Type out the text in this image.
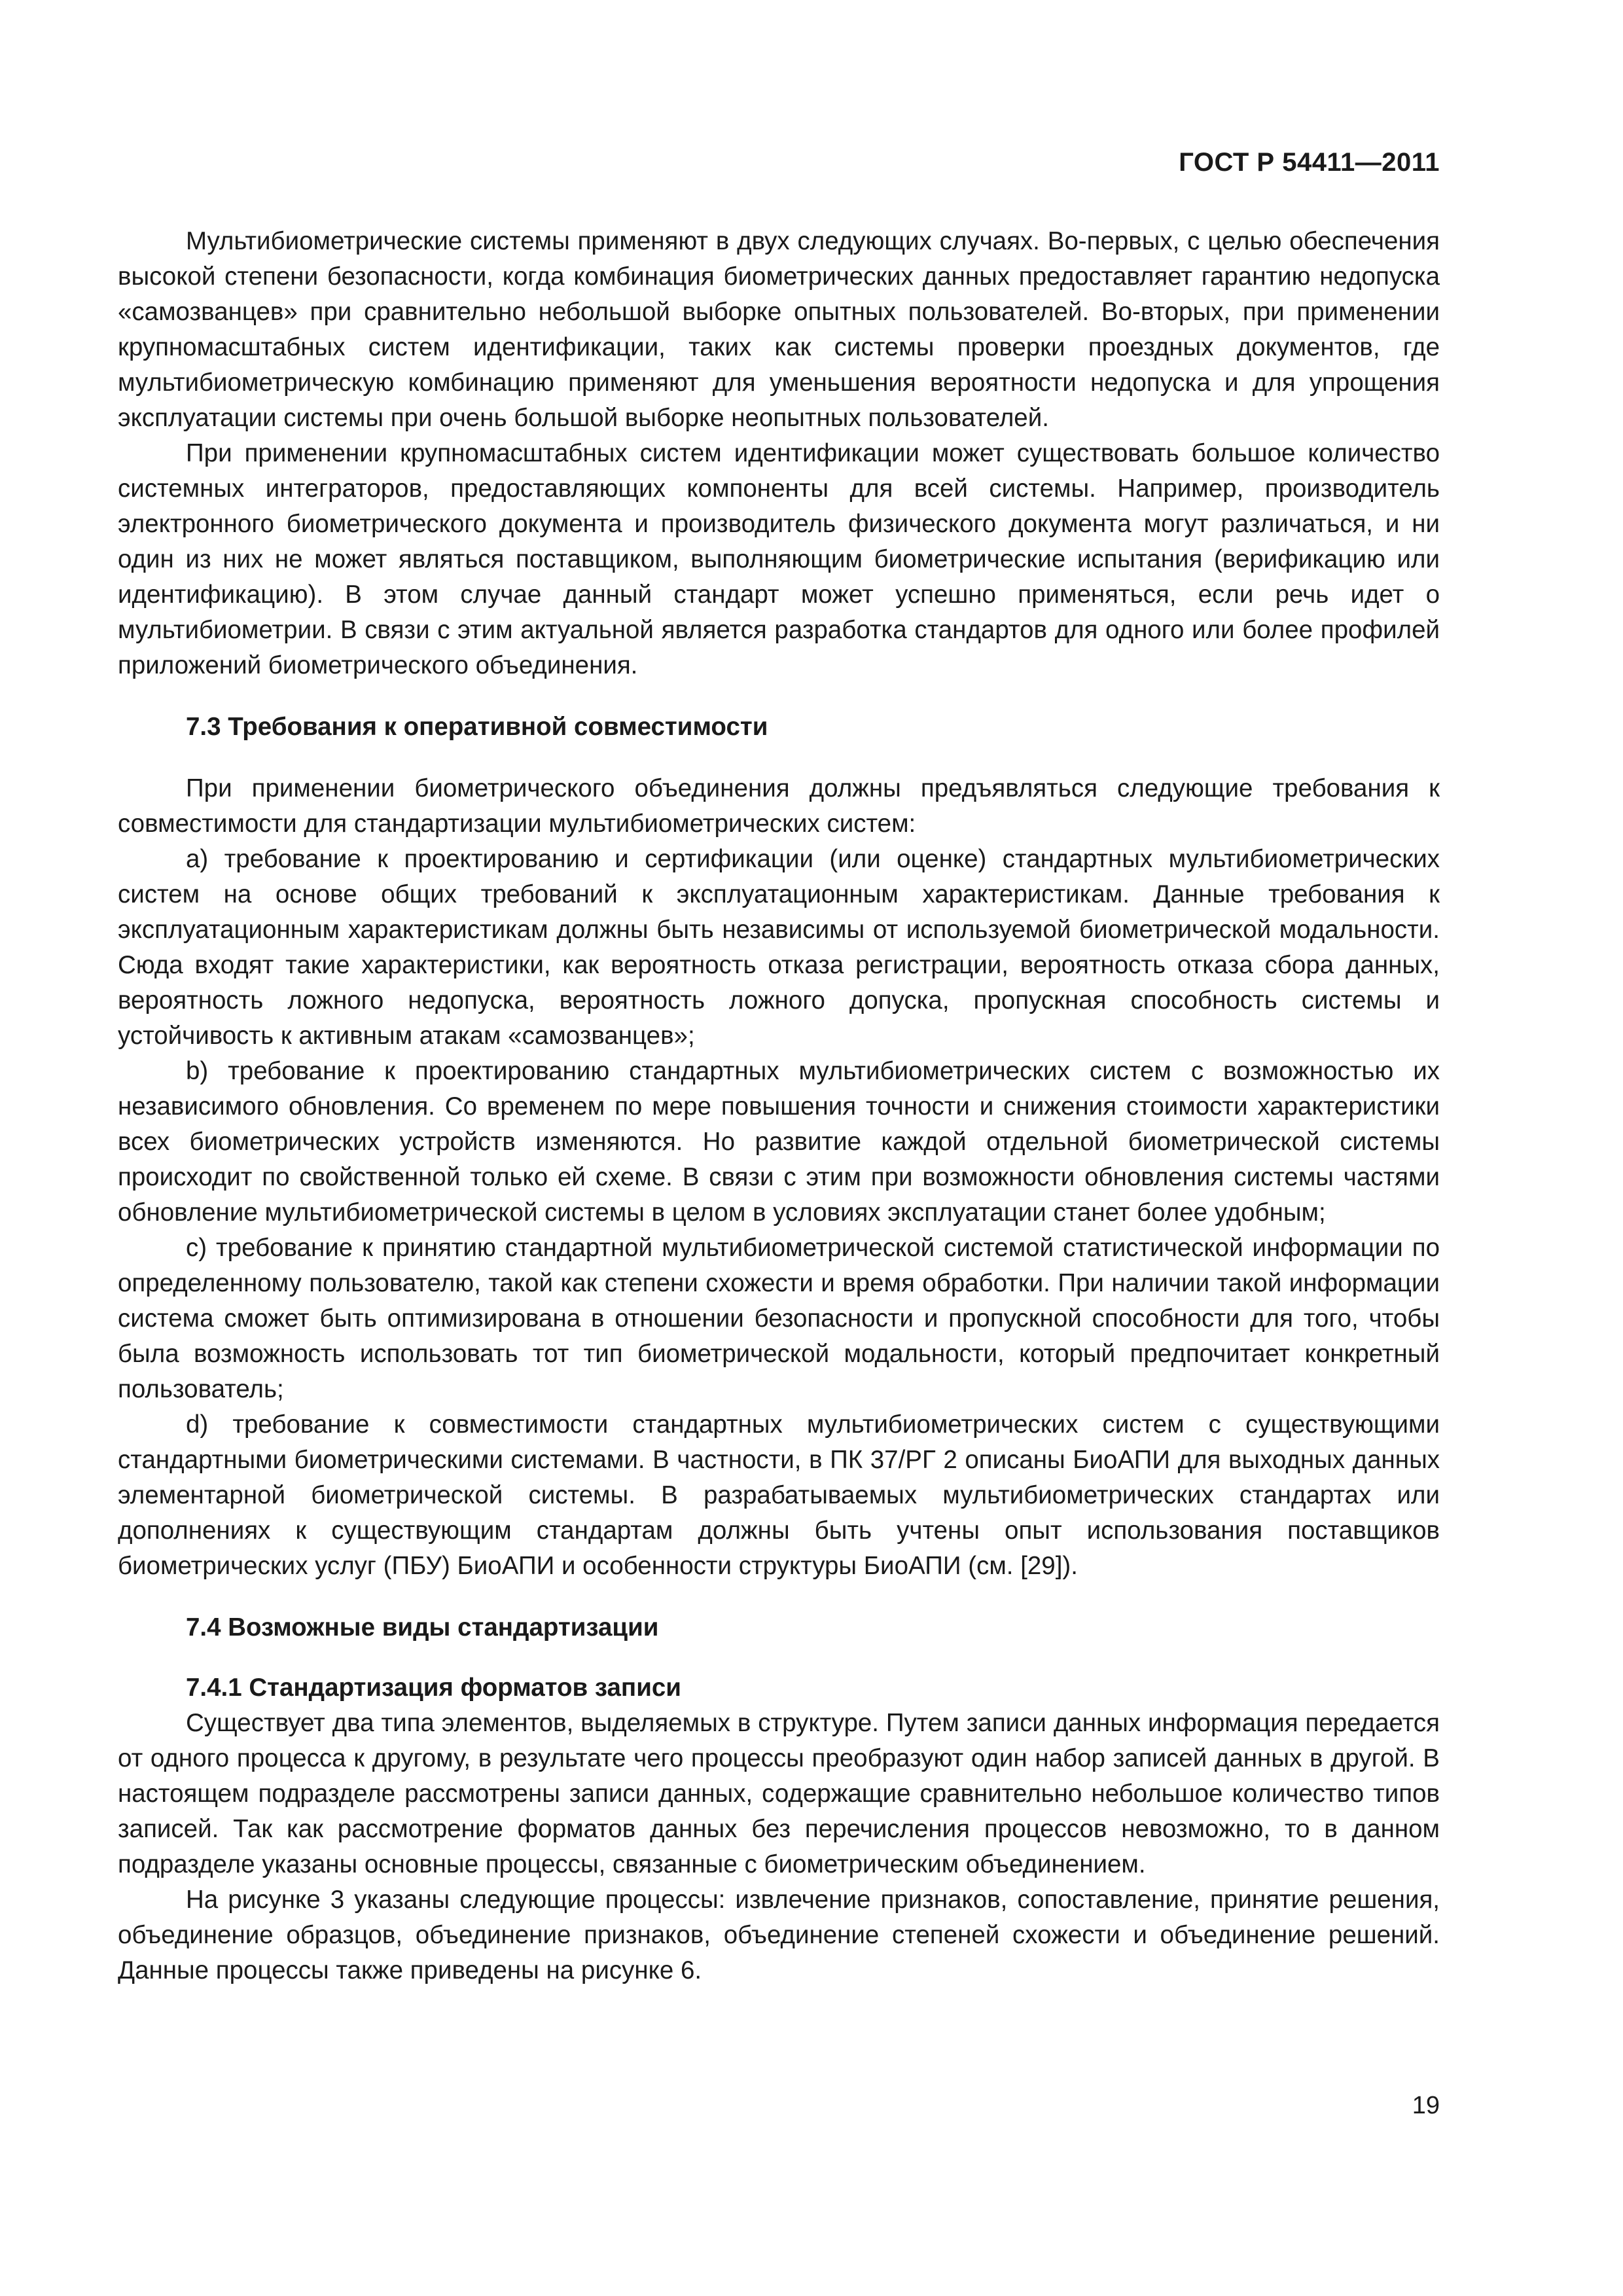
ГОСТ Р 54411—2011

Мультибиометрические системы применяют в двух следующих случаях. Во-первых, с целью обеспечения высокой степени безопасности, когда комбинация биометрических данных предоставляет гарантию недопуска «самозванцев» при сравнительно небольшой выборке опытных пользователей. Во-вторых, при применении крупномасштабных систем идентификации, таких как системы проверки проездных документов, где мультибиометрическую комбинацию применяют для уменьшения вероятности недопуска и для упрощения эксплуатации системы при очень большой выборке неопытных пользователей.

При применении крупномасштабных систем идентификации может существовать большое количество системных интеграторов, предоставляющих компоненты для всей системы. Например, производитель электронного биометрического документа и производитель физического документа могут различаться, и ни один из них не может являться поставщиком, выполняющим биометрические испытания (верификацию или идентификацию). В этом случае данный стандарт может успешно применяться, если речь идет о мультибиометрии. В связи с этим актуальной является разработка стандартов для одного или более профилей приложений биометрического объединения.

7.3 Требования к оперативной совместимости

При применении биометрического объединения должны предъявляться следующие требования к совместимости для стандартизации мультибиометрических систем:

а) требование к проектированию и сертификации (или оценке) стандартных мультибиометрических систем на основе общих требований к эксплуатационным характеристикам. Данные требования к эксплуатационным характеристикам должны быть независимы от используемой биометрической модальности. Сюда входят такие характеристики, как вероятность отказа регистрации, вероятность отказа сбора данных, вероятность ложного недопуска, вероятность ложного допуска, пропускная способность системы и устойчивость к активным атакам «самозванцев»;

b) требование к проектированию стандартных мультибиометрических систем с возможностью их независимого обновления. Со временем по мере повышения точности и снижения стоимости характеристики всех биометрических устройств изменяются. Но развитие каждой отдельной биометрической системы происходит по свойственной только ей схеме. В связи с этим при возможности обновления системы частями обновление мультибиометрической системы в целом в условиях эксплуатации станет более удобным;

с) требование к принятию стандартной мультибиометрической системой статистической информации по определенному пользователю, такой как степени схожести и время обработки. При наличии такой информации система сможет быть оптимизирована в отношении безопасности и пропускной способности для того, чтобы была возможность использовать тот тип биометрической модальности, который предпочитает конкретный пользователь;

d) требование к совместимости стандартных мультибиометрических систем с существующими стандартными биометрическими системами. В частности, в ПК 37/РГ 2 описаны БиоАПИ для выходных данных элементарной биометрической системы. В разрабатываемых мультибиометрических стандартах или дополнениях к существующим стандартам должны быть учтены опыт использования поставщиков биометрических услуг (ПБУ) БиоАПИ и особенности структуры БиоАПИ (см. [29]).

7.4 Возможные виды стандартизации
7.4.1 Стандартизация форматов записи

Существует два типа элементов, выделяемых в структуре. Путем записи данных информация передается от одного процесса к другому, в результате чего процессы преобразуют один набор записей данных в другой. В настоящем подразделе рассмотрены записи данных, содержащие сравнительно небольшое количество типов записей. Так как рассмотрение форматов данных без перечисления процессов невозможно, то в данном подразделе указаны основные процессы, связанные с биометрическим объединением.

На рисунке 3 указаны следующие процессы: извлечение признаков, сопоставление, принятие решения, объединение образцов, объединение признаков, объединение степеней схожести и объединение решений. Данные процессы также приведены на рисунке 6.

19
